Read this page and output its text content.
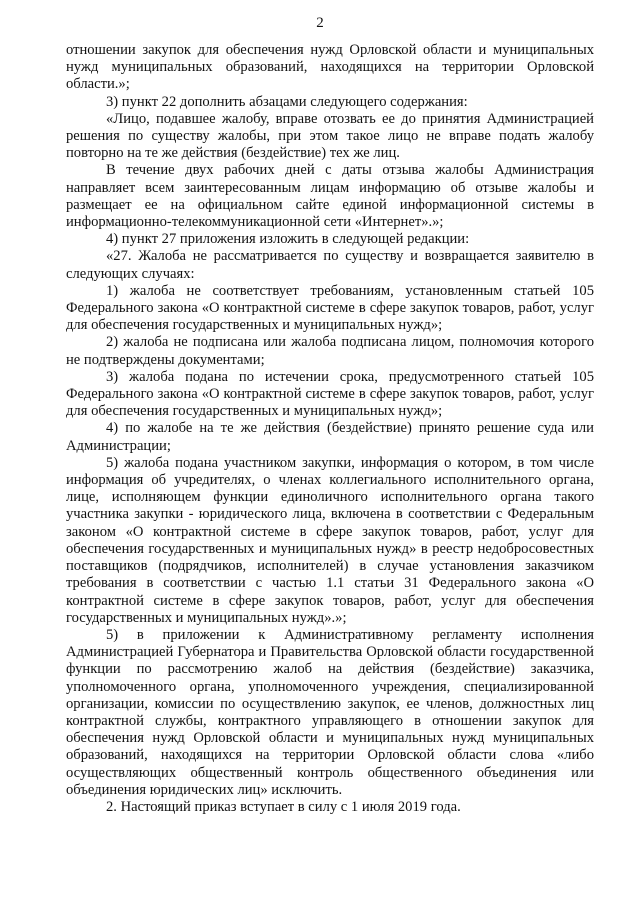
2

отношении закупок для обеспечения нужд Орловской области и муниципальных нужд муниципальных образований, находящихся на территории Орловской области.»;

3) пункт 22 дополнить абзацами следующего содержания:

«Лицо, подавшее жалобу, вправе отозвать ее до принятия Администрацией решения по существу жалобы, при этом такое лицо не вправе подать жалобу повторно на те же действия (бездействие) тех же лиц.

В течение двух рабочих дней с даты отзыва жалобы Администрация направляет всем заинтересованным лицам информацию об отзыве жалобы и размещает ее на официальном сайте единой информационной системы в информационно-телекоммуникационной сети «Интернет».»;

4) пункт 27 приложения изложить в следующей редакции:

«27. Жалоба не рассматривается по существу и возвращается заявителю в следующих случаях:

1) жалоба не соответствует требованиям, установленным статьей 105 Федерального закона «О контрактной системе в сфере закупок товаров, работ, услуг для обеспечения государственных и муниципальных нужд»;

2) жалоба не подписана или жалоба подписана лицом, полномочия которого не подтверждены документами;

3) жалоба подана по истечении срока, предусмотренного статьей 105 Федерального закона «О контрактной системе в сфере закупок товаров, работ, услуг для обеспечения государственных и муниципальных нужд»;

4) по жалобе на те же действия (бездействие) принято решение суда или Администрации;

5) жалоба подана участником закупки, информация о котором, в том числе информация об учредителях, о членах коллегиального исполнительного органа, лице, исполняющем функции единоличного исполнительного органа такого участника закупки - юридического лица, включена в соответствии с Федеральным законом «О контрактной системе в сфере закупок товаров, работ, услуг для обеспечения государственных и муниципальных нужд» в реестр недобросовестных поставщиков (подрядчиков, исполнителей) в случае установления заказчиком требования в соответствии с частью 1.1 статьи 31 Федерального закона «О контрактной системе в сфере закупок товаров, работ, услуг для обеспечения государственных и муниципальных нужд».»;

5) в приложении к Административному регламенту исполнения Администрацией Губернатора и Правительства Орловской области государственной функции по рассмотрению жалоб на действия (бездействие) заказчика, уполномоченного органа, уполномоченного учреждения, специализированной организации, комиссии по осуществлению закупок, ее членов, должностных лиц контрактной службы, контрактного управляющего в отношении закупок для обеспечения нужд Орловской области и муниципальных нужд муниципальных образований, находящихся на территории Орловской области слова «либо осуществляющих общественный контроль общественного объединения или объединения юридических лиц» исключить.

2. Настоящий приказ вступает в силу с 1 июля 2019 года.
